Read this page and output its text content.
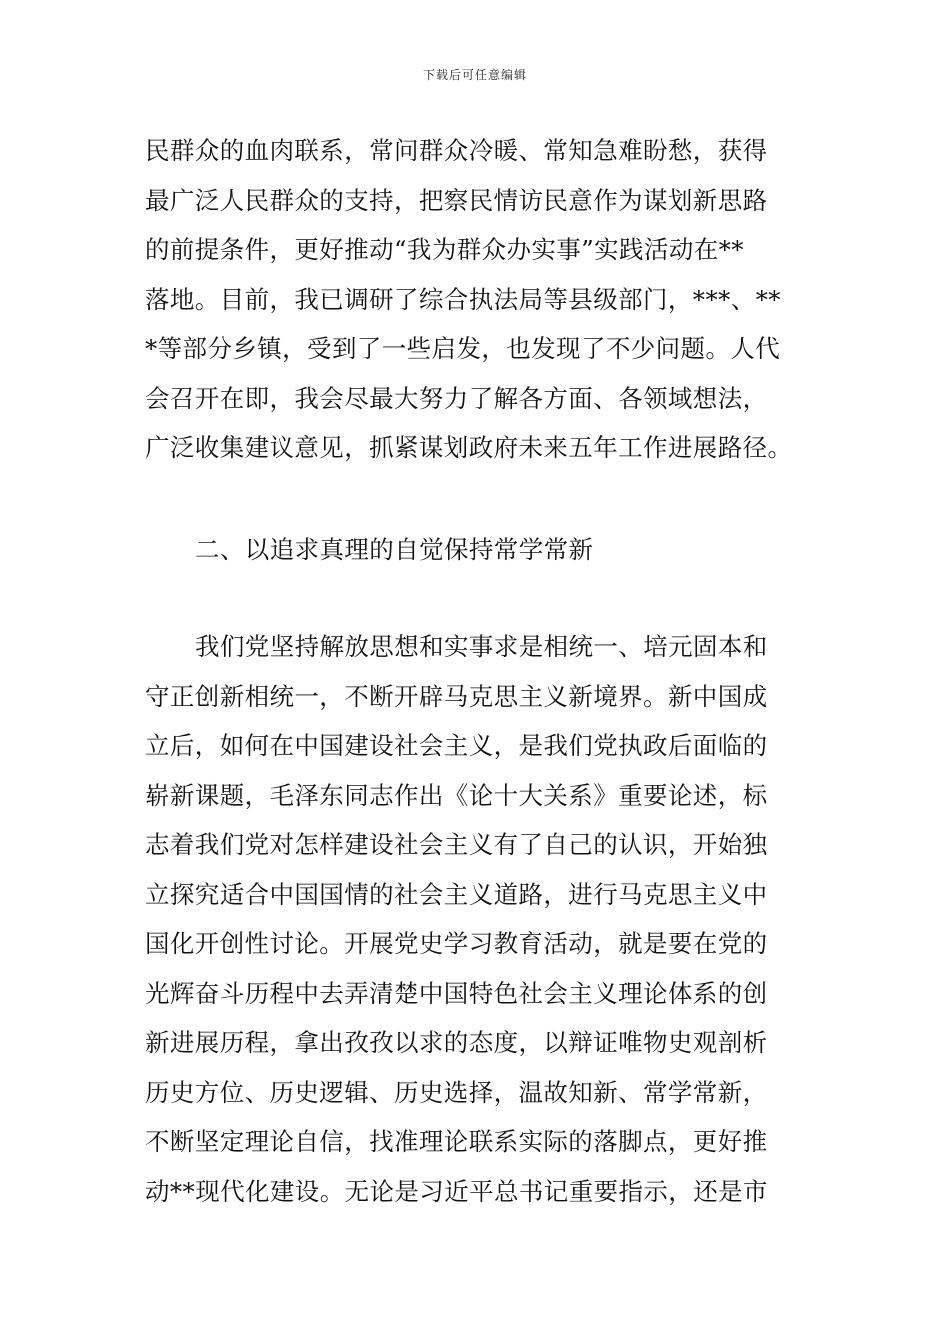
下载后可任意编辑
民群众的血肉联系，常问群众冷暖、常知急难盼愁，获得
最广泛人民群众的支持，把察民情访民意作为谋划新思路
的前提条件，更好推动“我为群众办实事”实践活动在**
落地。目前，我已调研了综合执法局等县级部门，***、**
*等部分乡镇，受到了一些启发，也发现了不少问题。人代
会召开在即，我会尽最大努力了解各方面、各领域想法，
广泛收集建议意见，抓紧谋划政府未来五年工作进展路径。
二、以追求真理的自觉保持常学常新
我们党坚持解放思想和实事求是相统一、培元固本和
守正创新相统一，不断开辟马克思主义新境界。新中国成
立后，如何在中国建设社会主义，是我们党执政后面临的
崭新课题，毛泽东同志作出《论十大关系》重要论述，标
志着我们党对怎样建设社会主义有了自己的认识，开始独
立探究适合中国国情的社会主义道路，进行马克思主义中
国化开创性讨论。开展党史学习教育活动，就是要在党的
光辉奋斗历程中去弄清楚中国特色社会主义理论体系的创
新进展历程，拿出孜孜以求的态度，以辩证唯物史观剖析
历史方位、历史逻辑、历史选择，温故知新、常学常新，
不断坚定理论自信，找准理论联系实际的落脚点，更好推
动**现代化建设。无论是习近平总书记重要指示，还是市
